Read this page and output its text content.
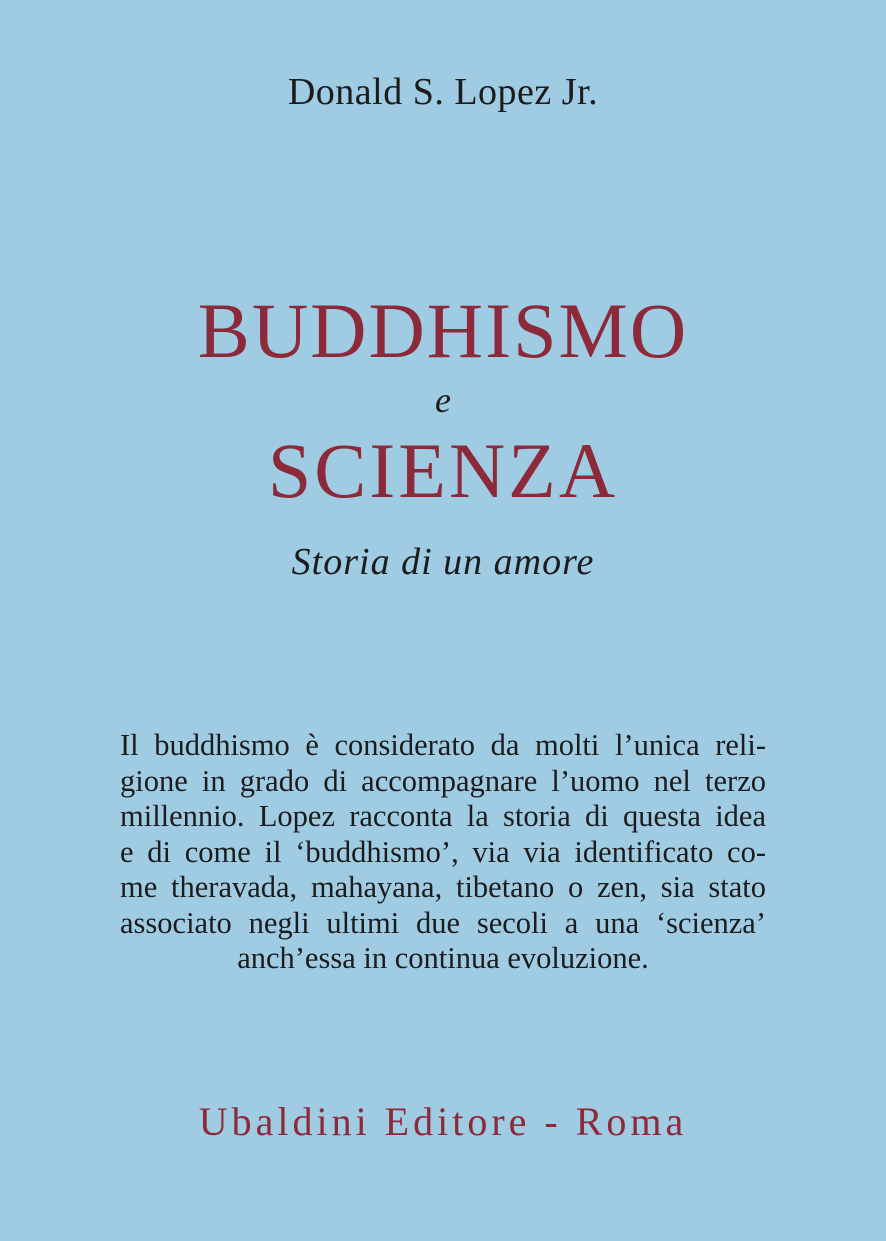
Donald S. Lopez Jr.
BUDDHISMO
e
SCIENZA
Storia di un amore
Il buddhismo è considerato da molti l’unica reli-
gione in grado di accompagnare l’uomo nel terzo
millennio. Lopez racconta la storia di questa idea
e di come il ‘buddhismo’, via via identificato co-
me theravada, mahayana, tibetano o zen, sia stato
associato negli ultimi due secoli a una ‘scienza’
anch’essa in continua evoluzione.
Ubaldini Editore - Roma
